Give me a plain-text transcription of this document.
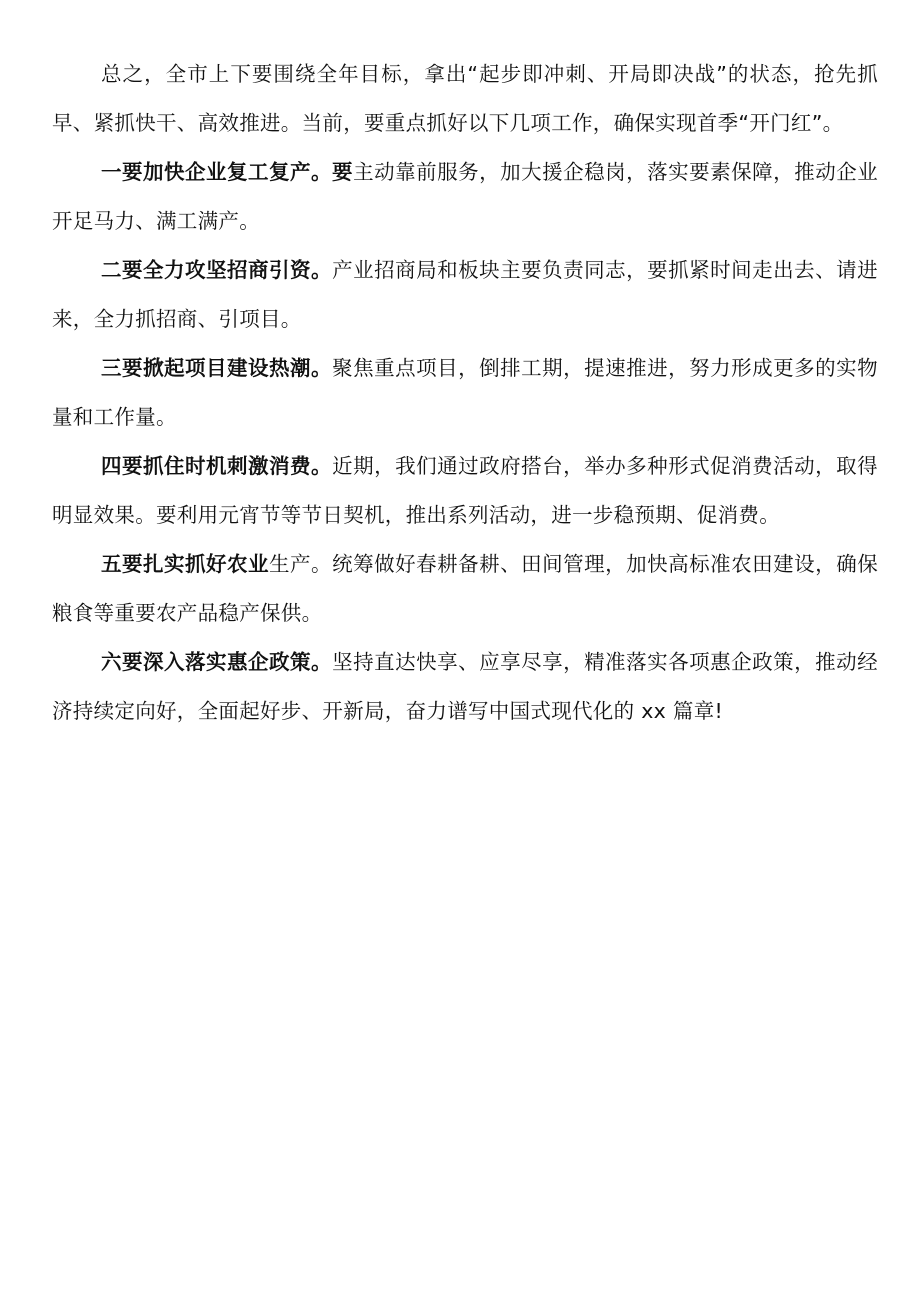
总之，全市上下要围绕全年目标，拿出“起步即冲刺、开局即决战”的状态，抢先抓早、紧抓快干、高效推进。当前，要重点抓好以下几项工作，确保实现首季“开门红”。

一要加快企业复工复产。要主动靠前服务，加大援企稳岗，落实要素保障，推动企业开足马力、满工满产。

二要全力攻坚招商引资。产业招商局和板块主要负责同志，要抓紧时间走出去、请进来，全力抓招商、引项目。

三要掀起项目建设热潮。聚焦重点项目，倒排工期，提速推进，努力形成更多的实物量和工作量。

四要抓住时机刺激消费。近期，我们通过政府搭台，举办多种形式促消费活动，取得明显效果。要利用元宵节等节日契机，推出系列活动，进一步稳预期、促消费。

五要扎实抓好农业生产。统筹做好春耕备耕、田间管理，加快高标准农田建设，确保粮食等重要农产品稳产保供。

六要深入落实惠企政策。坚持直达快享、应享尽享，精准落实各项惠企政策，推动经济持续定向好，全面起好步、开新局，奋力谱写中国式现代化的 xx 篇章!
